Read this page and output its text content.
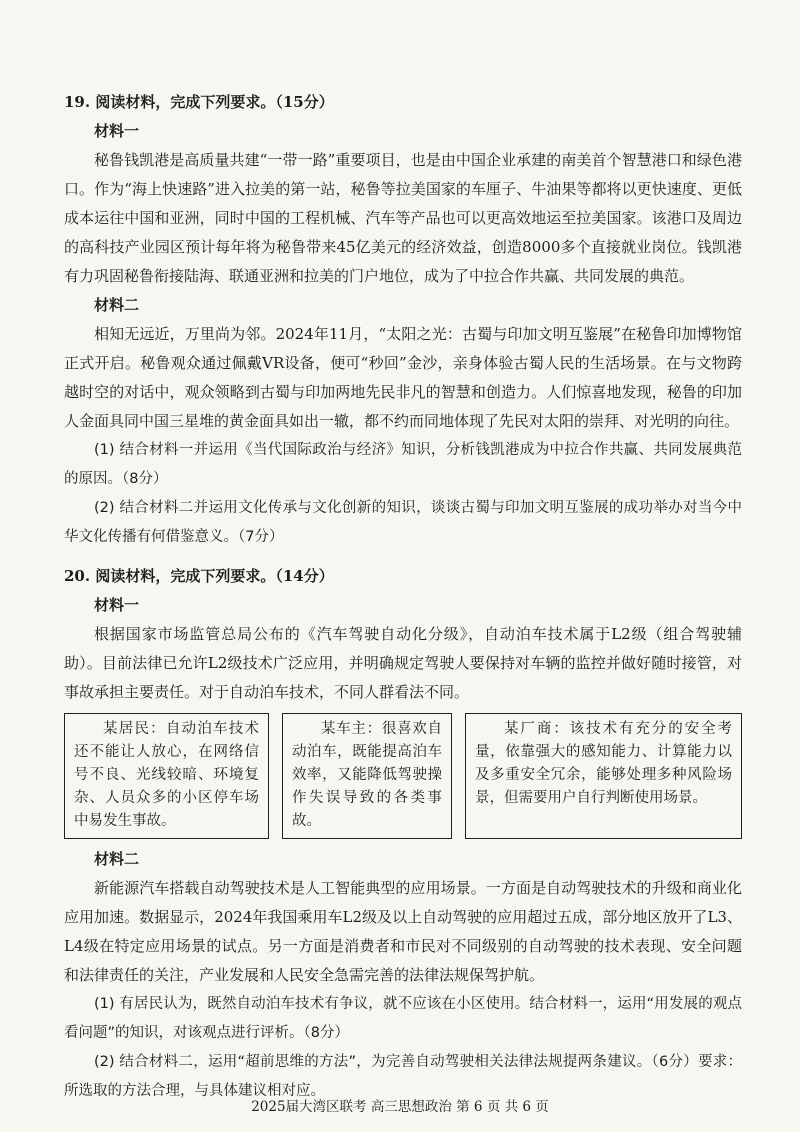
19. 阅读材料，完成下列要求。（15分）

材料一

秘鲁钱凯港是高质量共建“一带一路”重要项目，也是由中国企业承建的南美首个智慧港口和绿色港口。作为“海上快速路”进入拉美的第一站，秘鲁等拉美国家的车厘子、牛油果等都将以更快速度、更低成本运往中国和亚洲，同时中国的工程机械、汽车等产品也可以更高效地运至拉美国家。该港口及周边的高科技产业园区预计每年将为秘鲁带来45亿美元的经济效益，创造8000多个直接就业岗位。钱凯港有力巩固秘鲁衔接陆海、联通亚洲和拉美的门户地位，成为了中拉合作共赢、共同发展的典范。

材料二

相知无远近，万里尚为邻。2024年11月，“太阳之光：古蜀与印加文明互鉴展”在秘鲁印加博物馆正式开启。秘鲁观众通过佩戴VR设备，便可“秒回”金沙，亲身体验古蜀人民的生活场景。在与文物跨越时空的对话中，观众领略到古蜀与印加两地先民非凡的智慧和创造力。人们惊喜地发现，秘鲁的印加人金面具同中国三星堆的黄金面具如出一辙，都不约而同地体现了先民对太阳的崇拜、对光明的向往。

(1) 结合材料一并运用《当代国际政治与经济》知识，分析钱凯港成为中拉合作共赢、共同发展典范的原因。（8分）

(2) 结合材料二并运用文化传承与文化创新的知识，谈谈古蜀与印加文明互鉴展的成功举办对当今中华文化传播有何借鉴意义。（7分）

20. 阅读材料，完成下列要求。（14分）

材料一

根据国家市场监管总局公布的《汽车驾驶自动化分级》，自动泊车技术属于L2级（组合驾驶辅助）。目前法律已允许L2级技术广泛应用，并明确规定驾驶人要保持对车辆的监控并做好随时接管，对事故承担主要责任。对于自动泊车技术，不同人群看法不同。

某居民：自动泊车技术还不能让人放心，在网络信号不良、光线较暗、环境复杂、人员众多的小区停车场中易发生事故。
某车主：很喜欢自动泊车，既能提高泊车效率，又能降低驾驶操作失误导致的各类事故。
某厂商：该技术有充分的安全考量，依靠强大的感知能力、计算能力以及多重安全冗余，能够处理多种风险场景，但需要用户自行判断使用场景。

材料二

新能源汽车搭载自动驾驶技术是人工智能典型的应用场景。一方面是自动驾驶技术的升级和商业化应用加速。数据显示，2024年我国乘用车L2级及以上自动驾驶的应用超过五成，部分地区放开了L3、L4级在特定应用场景的试点。另一方面是消费者和市民对不同级别的自动驾驶的技术表现、安全问题和法律责任的关注，产业发展和人民安全急需完善的法律法规保驾护航。

(1) 有居民认为，既然自动泊车技术有争议，就不应该在小区使用。结合材料一，运用“用发展的观点看问题”的知识，对该观点进行评析。（8分）

(2) 结合材料二，运用“超前思维的方法”，为完善自动驾驶相关法律法规提两条建议。（6分）要求：所选取的方法合理，与具体建议相对应。

2025届大湾区联考 高三思想政治 第 6 页 共 6 页
